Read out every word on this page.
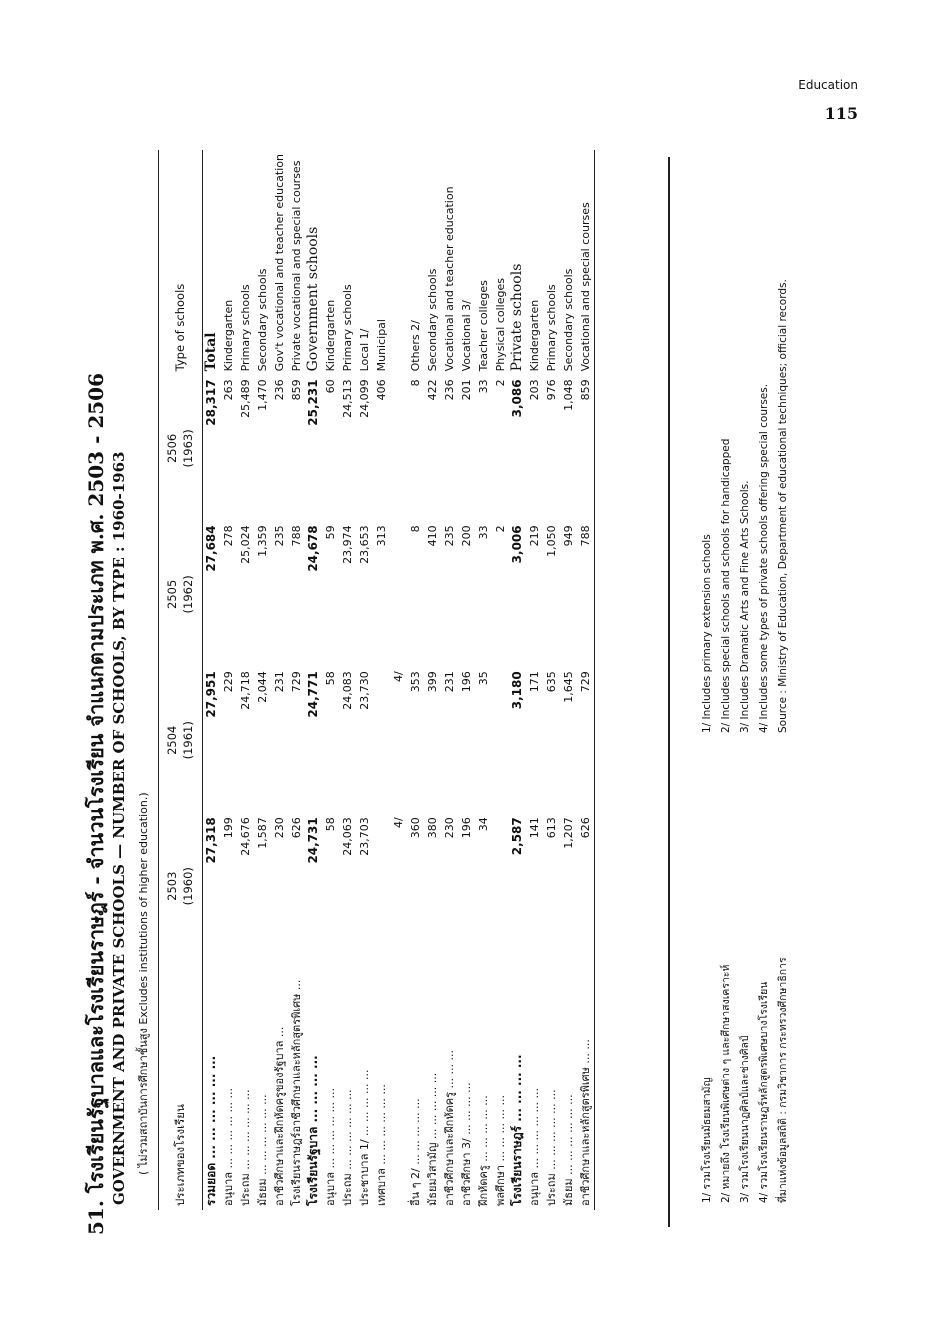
Education
115
51. โรงเรียนรัฐบาลและโรงเรียนราษฎร์ - จำนวนโรงเรียน จำแนกตามประเภท พ.ศ. 2503 - 2506 GOVERNMENT AND PRIVATE SCHOOLS — NUMBER OF SCHOOLS, BY TYPE : 1960-1963 ( ไม่รวมสถาบันการศึกษาชั้นสูง Excludes institutions of higher education.) ประเภทของโรงเรียน	2503 (1960)	2504 (1961)	2505 (1962)	2506 (1963)	Type of schools
รวมยอด ... ... ... ... ... ...	27,318	27,951	27,684	28,317	Total
อนุบาล ... ... ... ... ... ...	199	229	278	263	Kindergarten
ประถม ... ... ... ... ... ...	24,676	24,718	25,024	25,489	Primary schools
มัธยม ... ... ... ... ... ...	1,587	2,044	1,359	1,470	Secondary schools
อาชีวศึกษาและฝึกหัดครูของรัฐบาล ...	230	231	235	236	Gov't vocational and teacher education
โรงเรียนราษฎร์อาชีวศึกษาและหลักสูตรพิเศษ ...	626	729	788	859	Private vocational and special courses
โรงเรียนรัฐบาล ... ... ... ...	24,731	24,771	24,678	25,231	Government schools
อนุบาล ... ... ... ... ... ...	58	58	59	60	Kindergarten
ประถม ... ... ... ... ... ...	24,063	24,083	23,974	24,513	Primary schools
ประชาบาล 1/ ... ... ... ... ...	23,703	23,730	23,653	24,099	Local 1/
เทศบาล ... ... ... ... ... ...			313	406	Municipal
	4/	4/			
อื่น ๆ 2/ ... ... ... ... ...	360	353	8	8	Others 2/
มัธยมวิสามัญ ... ... ... ... ...	380	399	410	422	Secondary schools
อาชีวศึกษาและฝึกหัดครู ... ... ...	230	231	235	236	Vocational and teacher education
อาชีวศึกษา 3/ ... ... ... ...	196	196	200	201	Vocational 3/
ฝึกหัดครู ... ... ... ... ...	34	35	33	33	Teacher colleges
พลศึกษา ... ... ... ... ...			2	2	Physical colleges
โรงเรียนราษฎร์ ... ... ... ...	2,587	3,180	3,006	3,086	Private schools
อนุบาล ... ... ... ... ... ...	141	171	219	203	Kindergarten
ประถม ... ... ... ... ... ...	613	635	1,050	976	Primary schools
มัธยม ... ... ... ... ... ...	1,207	1,645	949	1,048	Secondary schools
อาชีวศึกษาและหลักสูตรพิเศษ ... ...	626	729	788	859	Vocational and special courses
1/ รวมโรงเรียนมัธยมสามัญ
1/ Includes primary extension schools
2/ หมายถึง โรงเรียนพิเศษต่าง ๆ และศึกษาสงเคราะห์
2/ Includes special schools and schools for handicapped
3/ รวมโรงเรียนนาฏศิลป์และช่างศิลป์
3/ Includes Dramatic Arts and Fine Arts Schools.
4/ รวมโรงเรียนราษฎร์หลักสูตรพิเศษบางโรงเรียน
4/ Includes some types of private schools offering special courses.
ที่มาแห่งข้อมูลสถิติ : กรมวิชาการ กระทรวงศึกษาธิการ
Source : Ministry of Education, Department of educational techniques; official records.
